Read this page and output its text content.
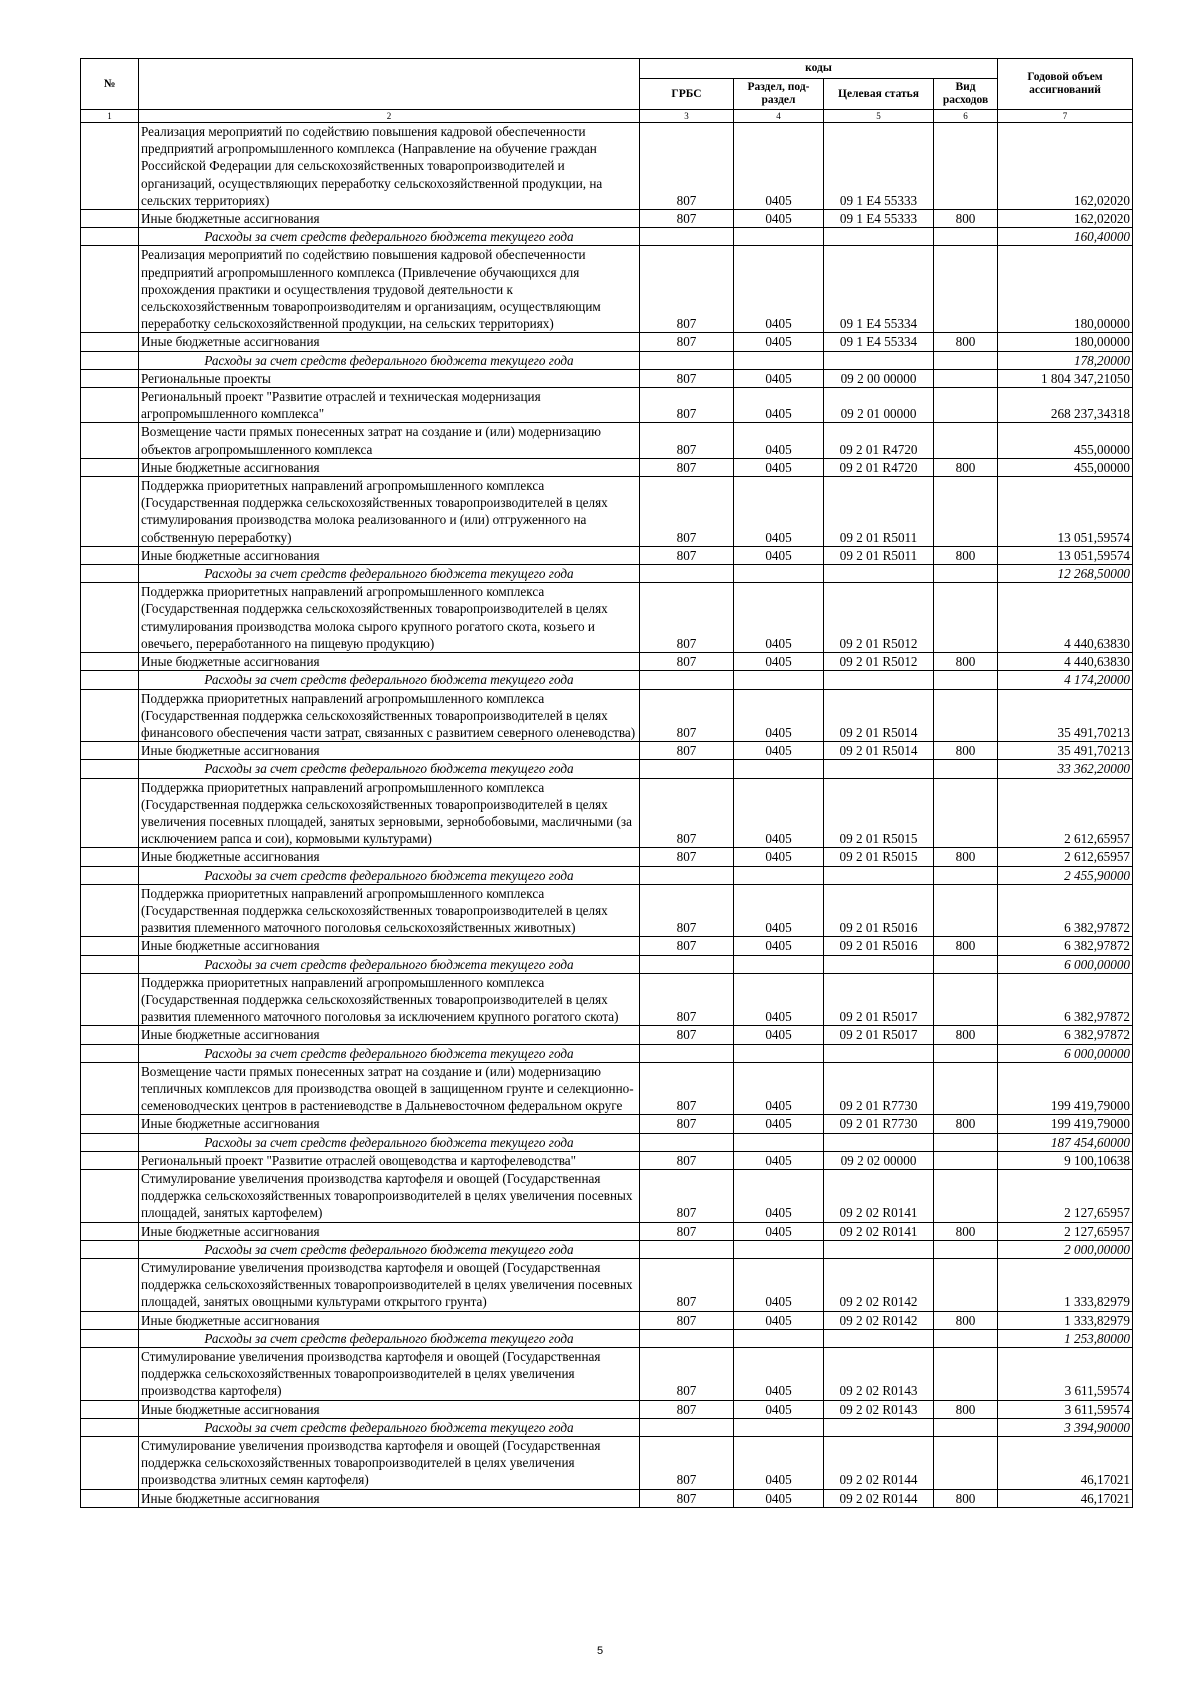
№		коды				Годовой объем ассигнований
		ГРБС	Раздел, под-раздел	Целевая статья	Вид расходов	
1	2	3	4	5	6	7
	Реализация мероприятий по содействию повышения кадровой обеспеченности предприятий агропромышленного комплекса (Направление на обучение граждан Российской Федерации для сельскохозяйственных товаропроизводителей и организаций, осуществляющих переработку сельскохозяйственной продукции, на сельских территориях)	807	0405	09 1 E4 55333		162,02020
	Иные бюджетные ассигнования	807	0405	09 1 E4 55333	800	162,02020
	Расходы за счет средств федерального бюджета текущего года					160,40000
	Реализация мероприятий по содействию повышения кадровой обеспеченности предприятий агропромышленного комплекса (Привлечение обучающихся для прохождения практики и осуществления трудовой деятельности к сельскохозяйственным товаропроизводителям и организациям, осуществляющим переработку сельскохозяйственной продукции, на сельских территориях)	807	0405	09 1 E4 55334		180,00000
	Иные бюджетные ассигнования	807	0405	09 1 E4 55334	800	180,00000
	Расходы за счет средств федерального бюджета текущего года					178,20000
	Региональные проекты	807	0405	09 2 00 00000		1 804 347,21050
	Региональный проект "Развитие отраслей и техническая модернизация агропромышленного комплекса"	807	0405	09 2 01 00000		268 237,34318
	Возмещение части прямых понесенных затрат на создание и (или) модернизацию объектов агропромышленного комплекса	807	0405	09 2 01 R4720		455,00000
	Иные бюджетные ассигнования	807	0405	09 2 01 R4720	800	455,00000
	Поддержка приоритетных направлений агропромышленного комплекса (Государственная поддержка сельскохозяйственных товаропроизводителей в целях стимулирования производства молока реализованного и (или) отгруженного на собственную переработку)	807	0405	09 2 01 R5011		13 051,59574
	Иные бюджетные ассигнования	807	0405	09 2 01 R5011	800	13 051,59574
	Расходы за счет средств федерального бюджета текущего года					12 268,50000
	Поддержка приоритетных направлений агропромышленного комплекса (Государственная поддержка сельскохозяйственных товаропроизводителей в целях стимулирования производства молока сырого крупного рогатого скота, козьего и овечьего, переработанного на пищевую продукцию)	807	0405	09 2 01 R5012		4 440,63830
	Иные бюджетные ассигнования	807	0405	09 2 01 R5012	800	4 440,63830
	Расходы за счет средств федерального бюджета текущего года					4 174,20000
	Поддержка приоритетных направлений агропромышленного комплекса (Государственная поддержка сельскохозяйственных товаропроизводителей в целях финансового обеспечения части затрат, связанных с развитием северного оленеводства)	807	0405	09 2 01 R5014		35 491,70213
	Иные бюджетные ассигнования	807	0405	09 2 01 R5014	800	35 491,70213
	Расходы за счет средств федерального бюджета текущего года					33 362,20000
	Поддержка приоритетных направлений агропромышленного комплекса (Государственная поддержка сельскохозяйственных товаропроизводителей в целях увеличения посевных площадей, занятых зерновыми, зернобобовыми, масличными (за исключением рапса и сои), кормовыми культурами)	807	0405	09 2 01 R5015		2 612,65957
	Иные бюджетные ассигнования	807	0405	09 2 01 R5015	800	2 612,65957
	Расходы за счет средств федерального бюджета текущего года					2 455,90000
	Поддержка приоритетных направлений агропромышленного комплекса (Государственная поддержка сельскохозяйственных товаропроизводителей в целях развития племенного маточного поголовья сельскохозяйственных животных)	807	0405	09 2 01 R5016		6 382,97872
	Иные бюджетные ассигнования	807	0405	09 2 01 R5016	800	6 382,97872
	Расходы за счет средств федерального бюджета текущего года					6 000,00000
	Поддержка приоритетных направлений агропромышленного комплекса (Государственная поддержка сельскохозяйственных товаропроизводителей в целях развития племенного маточного поголовья за исключением крупного рогатого скота)	807	0405	09 2 01 R5017		6 382,97872
	Иные бюджетные ассигнования	807	0405	09 2 01 R5017	800	6 382,97872
	Расходы за счет средств федерального бюджета текущего года					6 000,00000
	Возмещение части прямых понесенных затрат на создание и (или) модернизацию тепличных комплексов для производства овощей в защищенном грунте и селекционно-семеноводческих центров в растениеводстве в Дальневосточном федеральном округе	807	0405	09 2 01 R7730		199 419,79000
	Иные бюджетные ассигнования	807	0405	09 2 01 R7730	800	199 419,79000
	Расходы за счет средств федерального бюджета текущего года					187 454,60000
	Региональный проект "Развитие отраслей овощеводства и картофелеводства"	807	0405	09 2 02 00000		9 100,10638
	Стимулирование увеличения производства картофеля и овощей (Государственная поддержка сельскохозяйственных товаропроизводителей в целях увеличения посевных площадей, занятых картофелем)	807	0405	09 2 02 R0141		2 127,65957
	Иные бюджетные ассигнования	807	0405	09 2 02 R0141	800	2 127,65957
	Расходы за счет средств федерального бюджета текущего года					2 000,00000
	Стимулирование увеличения производства картофеля и овощей (Государственная поддержка сельскохозяйственных товаропроизводителей в целях увеличения посевных площадей, занятых овощными культурами открытого грунта)	807	0405	09 2 02 R0142		1 333,82979
	Иные бюджетные ассигнования	807	0405	09 2 02 R0142	800	1 333,82979
	Расходы за счет средств федерального бюджета текущего года					1 253,80000
	Стимулирование увеличения производства картофеля и овощей (Государственная поддержка сельскохозяйственных товаропроизводителей в целях увеличения производства картофеля)	807	0405	09 2 02 R0143		3 611,59574
	Иные бюджетные ассигнования	807	0405	09 2 02 R0143	800	3 611,59574
	Расходы за счет средств федерального бюджета текущего года					3 394,90000
	Стимулирование увеличения производства картофеля и овощей (Государственная поддержка сельскохозяйственных товаропроизводителей в целях увеличения производства элитных семян картофеля)	807	0405	09 2 02 R0144		46,17021
	Иные бюджетные ассигнования	807	0405	09 2 02 R0144	800	46,17021
5
